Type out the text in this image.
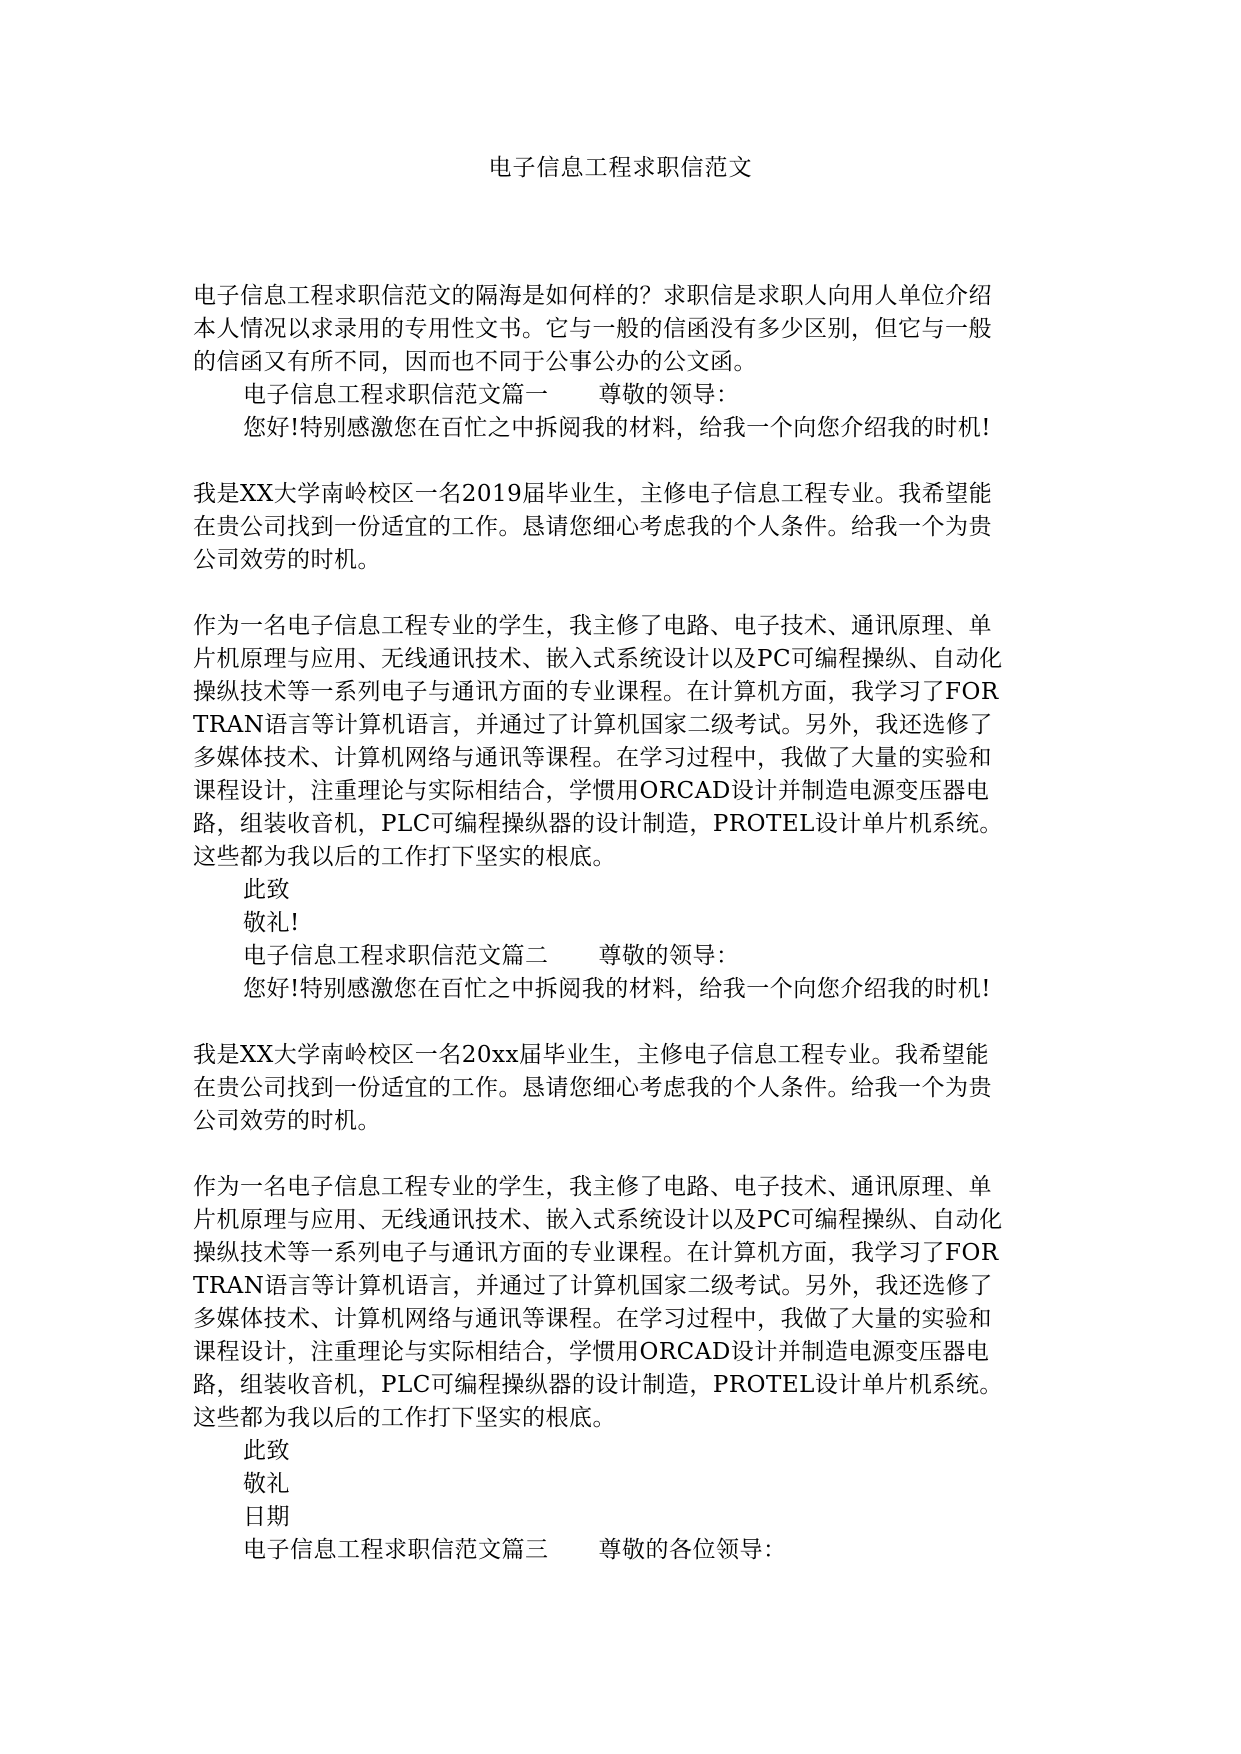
电子信息工程求职信范文
电子信息工程求职信范文的隔海是如何样的？求职信是求职人向用人单位介绍
本人情况以求录用的专用性文书。它与一般的信函没有多少区别，但它与一般
的信函又有所不同，因而也不同于公事公办的公文函。
电子信息工程求职信范文篇一 尊敬的领导：
您好!特别感激您在百忙之中拆阅我的材料，给我一个向您介绍我的时机!
我是XX大学南岭校区一名2019届毕业生，主修电子信息工程专业。我希望能
在贵公司找到一份适宜的工作。恳请您细心考虑我的个人条件。给我一个为贵
公司效劳的时机。
作为一名电子信息工程专业的学生，我主修了电路、电子技术、通讯原理、单
片机原理与应用、无线通讯技术、嵌入式系统设计以及PC可编程操纵、自动化
操纵技术等一系列电子与通讯方面的专业课程。在计算机方面，我学习了FOR
TRAN语言等计算机语言，并通过了计算机国家二级考试。另外，我还选修了
多媒体技术、计算机网络与通讯等课程。在学习过程中，我做了大量的实验和
课程设计，注重理论与实际相结合，学惯用ORCAD设计并制造电源变压器电
路，组装收音机，PLC可编程操纵器的设计制造，PROTEL设计单片机系统。
这些都为我以后的工作打下坚实的根底。
此致
敬礼!
电子信息工程求职信范文篇二 尊敬的领导：
您好!特别感激您在百忙之中拆阅我的材料，给我一个向您介绍我的时机!
我是XX大学南岭校区一名20xx届毕业生，主修电子信息工程专业。我希望能
在贵公司找到一份适宜的工作。恳请您细心考虑我的个人条件。给我一个为贵
公司效劳的时机。
作为一名电子信息工程专业的学生，我主修了电路、电子技术、通讯原理、单
片机原理与应用、无线通讯技术、嵌入式系统设计以及PC可编程操纵、自动化
操纵技术等一系列电子与通讯方面的专业课程。在计算机方面，我学习了FOR
TRAN语言等计算机语言，并通过了计算机国家二级考试。另外，我还选修了
多媒体技术、计算机网络与通讯等课程。在学习过程中，我做了大量的实验和
课程设计，注重理论与实际相结合，学惯用ORCAD设计并制造电源变压器电
路，组装收音机，PLC可编程操纵器的设计制造，PROTEL设计单片机系统。
这些都为我以后的工作打下坚实的根底。
此致
敬礼
日期
电子信息工程求职信范文篇三 尊敬的各位领导：
